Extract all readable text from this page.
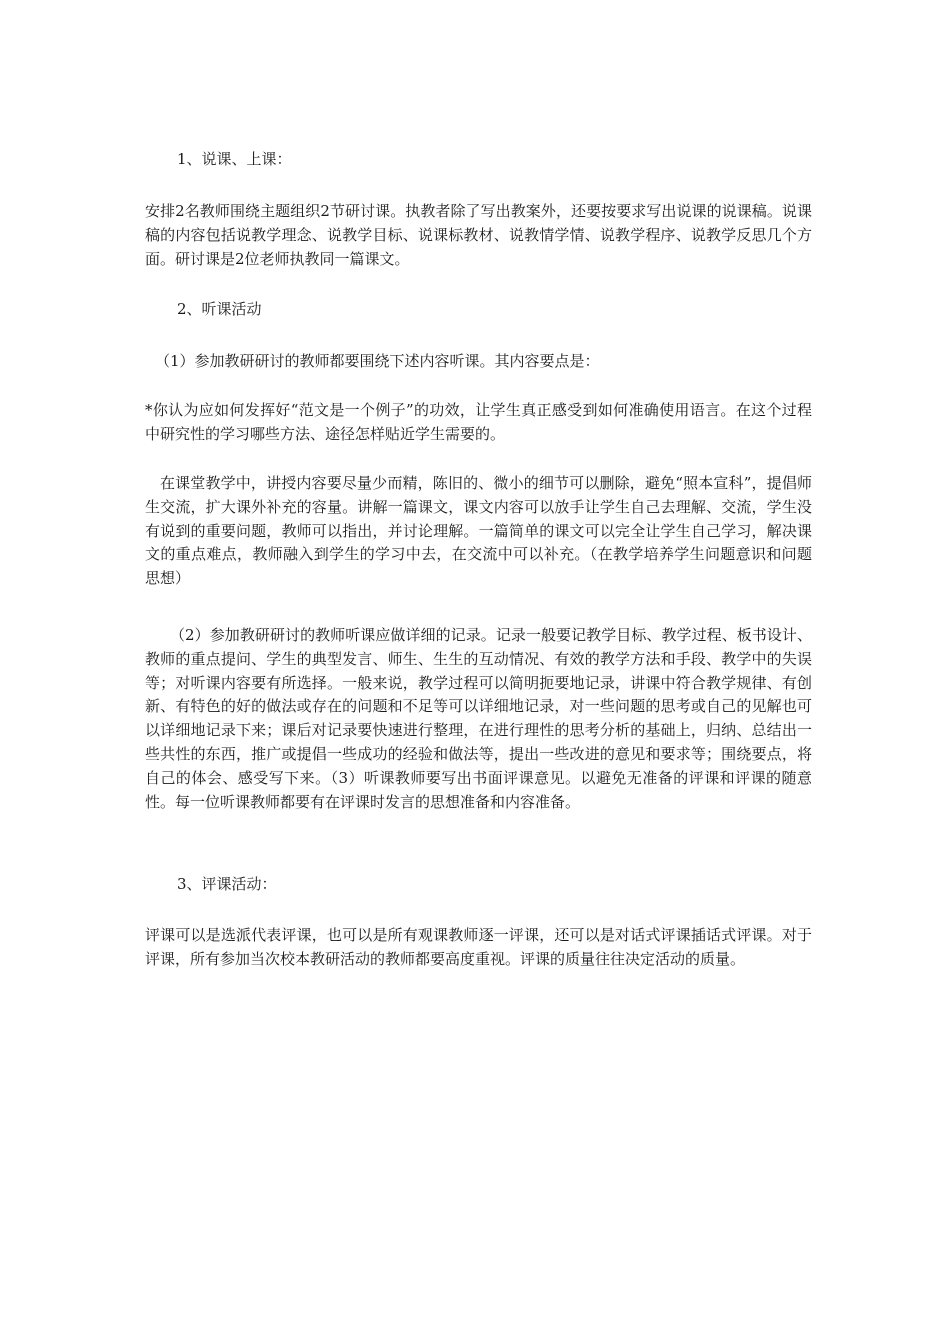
1、说课、上课：
安排2名教师围绕主题组织2节研讨课。执教者除了写出教案外，还要按要求写出说课的说课稿。说课稿的内容包括说教学理念、说教学目标、说课标教材、说教情学情、说教学程序、说教学反思几个方面。研讨课是2位老师执教同一篇课文。
2、听课活动
（1）参加教研研讨的教师都要围绕下述内容听课。其内容要点是：
*你认为应如何发挥好“范文是一个例子”的功效，让学生真正感受到如何准确使用语言。在这个过程中研究性的学习哪些方法、途径怎样贴近学生需要的。
在课堂教学中，讲授内容要尽量少而精，陈旧的、微小的细节可以删除，避免“照本宣科”，提倡师生交流，扩大课外补充的容量。讲解一篇课文，课文内容可以放手让学生自己去理解、交流，学生没有说到的重要问题，教师可以指出，并讨论理解。一篇简单的课文可以完全让学生自己学习，解决课文的重点难点，教师融入到学生的学习中去，在交流中可以补充。（在教学培养学生问题意识和问题思想）
（2）参加教研研讨的教师听课应做详细的记录。记录一般要记教学目标、教学过程、板书设计、教师的重点提问、学生的典型发言、师生、生生的互动情况、有效的教学方法和手段、教学中的失误等；对听课内容要有所选择。一般来说，教学过程可以简明扼要地记录，讲课中符合教学规律、有创新、有特色的好的做法或存在的问题和不足等可以详细地记录，对一些问题的思考或自己的见解也可以详细地记录下来；课后对记录要快速进行整理，在进行理性的思考分析的基础上，归纳、总结出一些共性的东西，推广或提倡一些成功的经验和做法等，提出一些改进的意见和要求等；围绕要点，将自己的体会、感受写下来。（3）听课教师要写出书面评课意见。以避免无准备的评课和评课的随意性。每一位听课教师都要有在评课时发言的思想准备和内容准备。
3、评课活动：
评课可以是选派代表评课，也可以是所有观课教师逐一评课，还可以是对话式评课插话式评课。对于评课，所有参加当次校本教研活动的教师都要高度重视。评课的质量往往决定活动的质量。
